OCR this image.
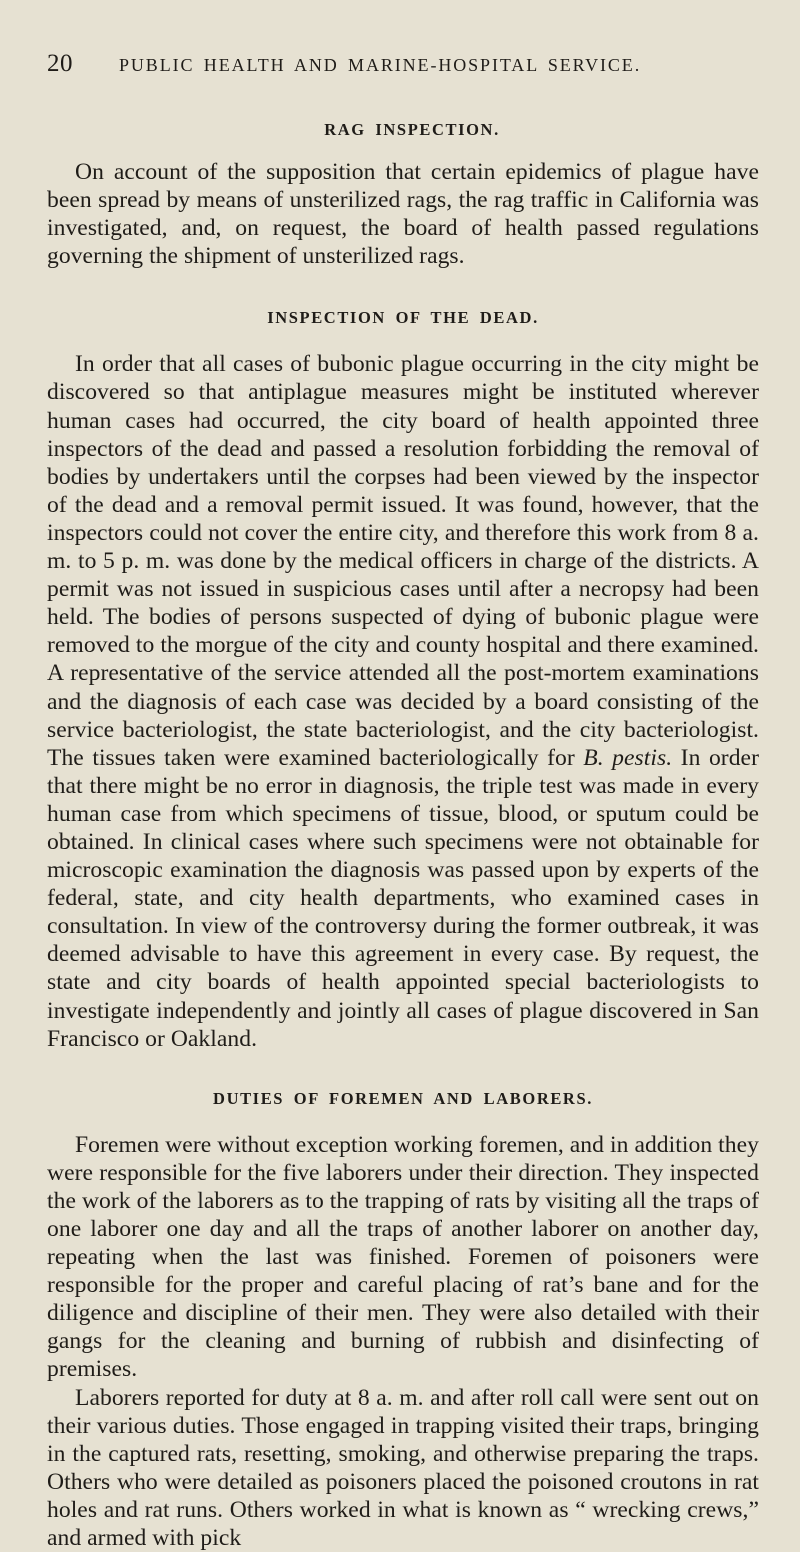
20	PUBLIC HEALTH AND MARINE-HOSPITAL SERVICE.
RAG INSPECTION.

On account of the supposition that certain epidemics of plague have been spread by means of unsterilized rags, the rag traffic in California was investigated, and, on request, the board of health passed regulations governing the shipment of unsterilized rags.

INSPECTION OF THE DEAD.

In order that all cases of bubonic plague occurring in the city might be discovered so that antiplague measures might be instituted wherever human cases had occurred, the city board of health appointed three inspectors of the dead and passed a resolution forbidding the removal of bodies by undertakers until the corpses had been viewed by the inspector of the dead and a removal permit issued. It was found, however, that the inspectors could not cover the entire city, and therefore this work from 8 a. m. to 5 p. m. was done by the medical officers in charge of the districts. A permit was not issued in suspicious cases until after a necropsy had been held. The bodies of persons suspected of dying of bubonic plague were removed to the morgue of the city and county hospital and there examined. A representative of the service attended all the post-mortem examinations and the diagnosis of each case was decided by a board consisting of the service bacteriologist, the state bacteriologist, and the city bacteriologist. The tissues taken were examined bacteriologically for B. pestis. In order that there might be no error in diagnosis, the triple test was made in every human case from which specimens of tissue, blood, or sputum could be obtained. In clinical cases where such specimens were not obtainable for microscopic examination the diagnosis was passed upon by experts of the federal, state, and city health departments, who examined cases in consultation. In view of the controversy during the former outbreak, it was deemed advisable to have this agreement in every case. By request, the state and city boards of health appointed special bacteriologists to investigate independently and jointly all cases of plague discovered in San Francisco or Oakland.

DUTIES OF FOREMEN AND LABORERS.

Foremen were without exception working foremen, and in addition they were responsible for the five laborers under their direction. They inspected the work of the laborers as to the trapping of rats by visiting all the traps of one laborer one day and all the traps of another laborer on another day, repeating when the last was finished. Foremen of poisoners were responsible for the proper and careful placing of rat’s bane and for the diligence and discipline of their men. They were also detailed with their gangs for the cleaning and burning of rubbish and disinfecting of premises.

Laborers reported for duty at 8 a. m. and after roll call were sent out on their various duties. Those engaged in trapping visited their traps, bringing in the captured rats, resetting, smoking, and otherwise preparing the traps. Others who were detailed as poisoners placed the poisoned croutons in rat holes and rat runs. Others worked in what is known as “ wrecking crews,” and armed with pick
